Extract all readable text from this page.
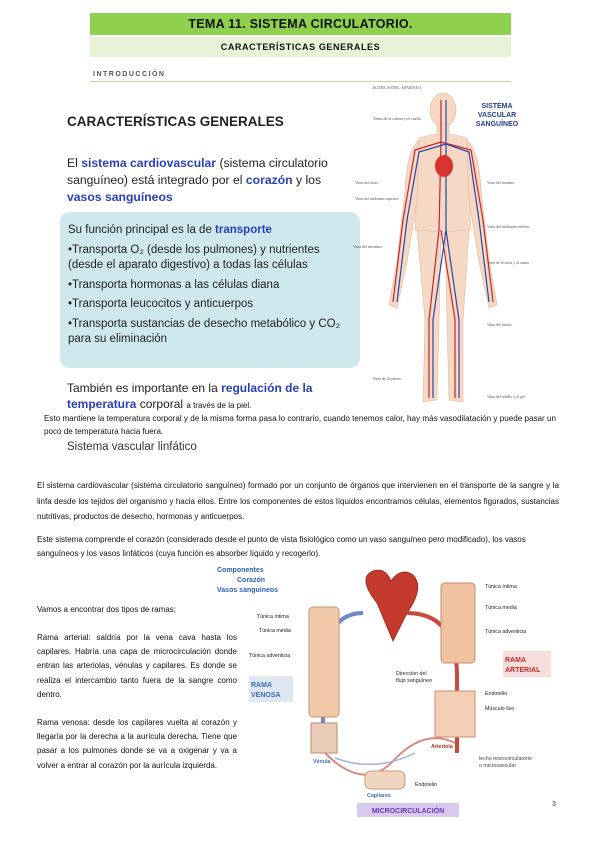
TEMA 11. SISTEMA CIRCULATORIO.
CARACTERÍSTICAS GENERALES
INTRODUCCIÓN
CARACTERÍSTICAS GENERALES
El sistema cardiovascular (sistema circulatorio sanguíneo) está integrado por el corazón y los vasos sanguíneos

Su función principal es la de transporte

•Transporta O₂ (desde los pulmones) y nutrientes (desde el aparato digestivo) a todas las células

•Transporta hormonas a las células diana

•Transporta leucocitos y anticuerpos

•Transporta sustancias de desecho metabólico y CO₂ para su eliminación

También es importante en la regulación de la temperatura corporal a través de la piel.
Esto mantiene la temperatura corporal y de la misma forma pasa lo contrario, cuando tenemos calor, hay más vasodilatación y puede pasar un poco de temperatura hacia fuera.
Sistema vascular linfático
ACERCA DEL APARATO
SISTEMA
VASCULAR
SANGUÍNEO
Venas de la cabeza y el cuello
Vena del tórax
Vena del abdomen superior
Vena del miembro
Vena del hombro
Vena del abdomen inferior
Vena de la axila y la mano
Vena del muslo
Vena de la pierna
Vena del tobillo y el pie
El sistema cardiovascular (sistema circulatorio sanguíneo) formado por un conjunto de órganos que intervienen en el transporte de la sangre y la linfa desde los tejidos del organismo y hacia ellos. Entre los componentes de estos líquidos encontramos células, elementos figurados, sustancias nutritivas, productos de desecho, hormonas y anticuerpos.
Este sistema comprende el corazón (considerado desde el punto de vista fisiológico como un vaso sanguíneo pero modificado), los vasos sanguíneos y los vasos linfáticos (cuya función es absorber líquido y recogerlo).
Vamos a encontrar dos tipos de ramas:
Rama arterial: saldría por la vena cava hasta los capilares. Habría una capa de microcirculación donde entran las arteriolas, vénulas y capilares. Es donde se realiza el intercambio tanto fuera de la sangre como dentro.
Rama venosa: desde los capilares vuelta al corazón y llegaría por la derecha a la aurícula derecha. Tiene que pasar a los pulmones donde se va a oxigenar y va a volver a entrar al corazón por la aurícula izquierda.
Componentes
Corazón
Vasos sanguíneos
Túnica íntima
Túnica media
Túnica adventicia
Túnica íntima
Túnica media
Túnica adventicia
RAMA
VENOSA
RAMA
ARTERIAL
Dirección del
flujo sanguíneo
Endotelio
Músculo liso
Arteriola
Vénula
Endotelio
Capilares
lecho microcirculatorio
o microvascular
MICROCIRCULACIÓN
3
